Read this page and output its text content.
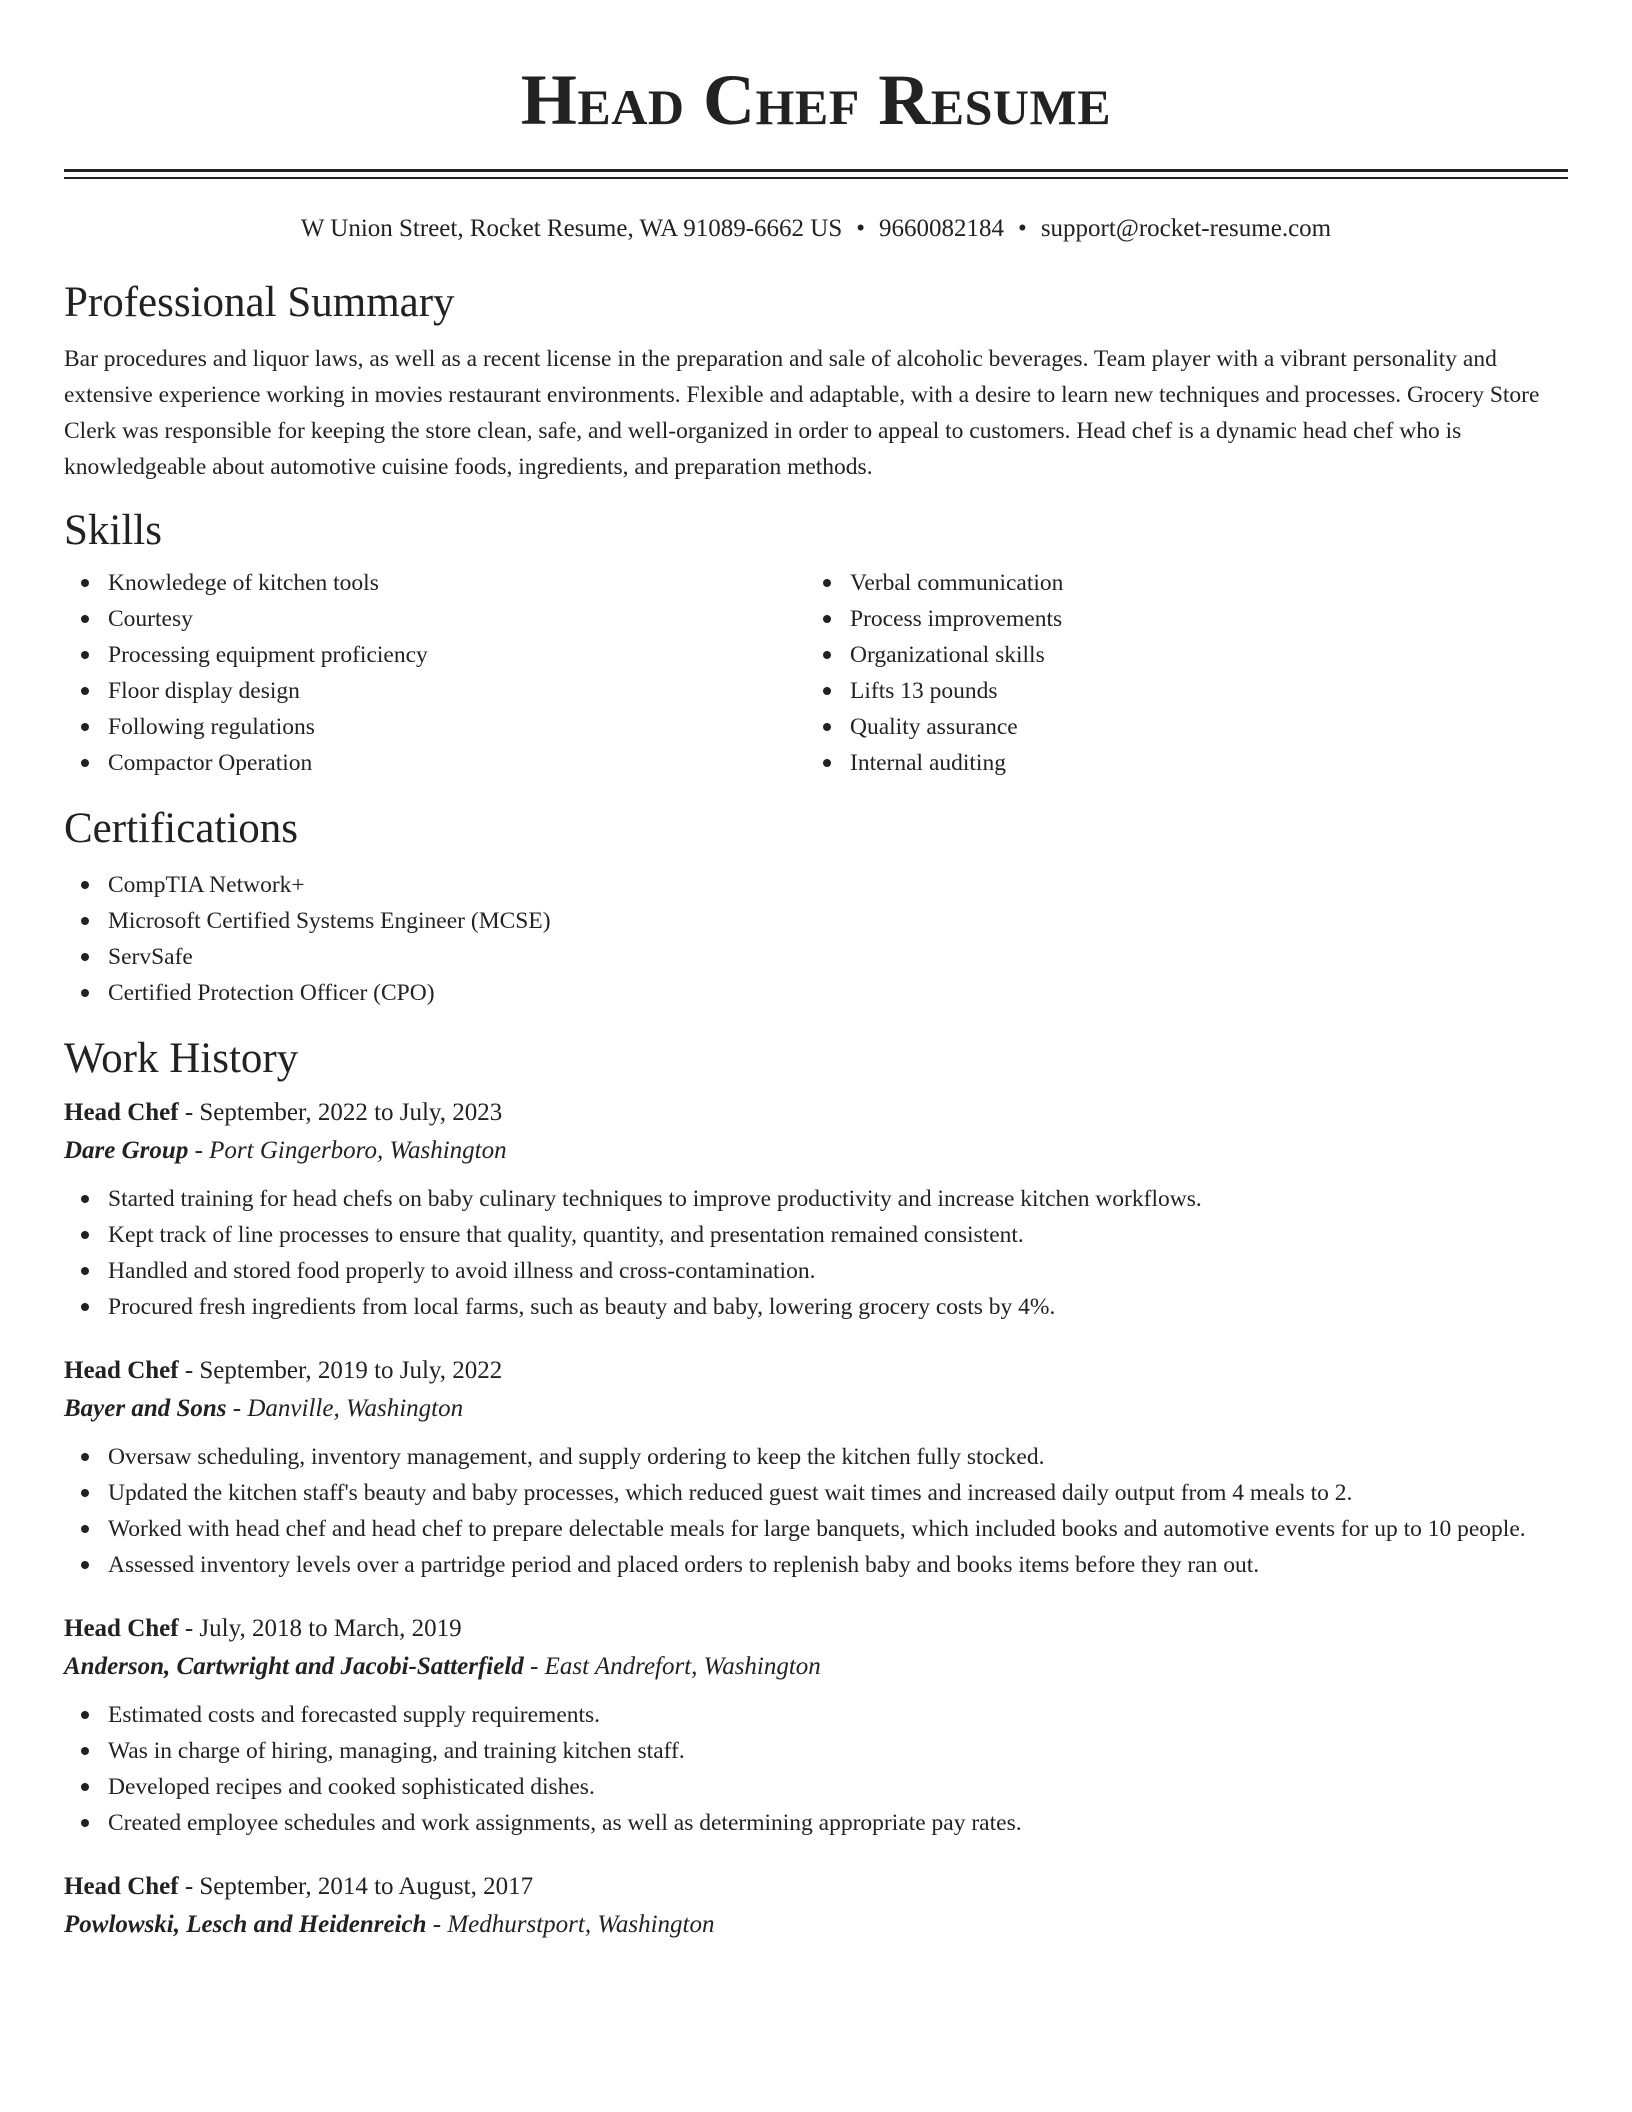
Head Chef Resume
W Union Street, Rocket Resume, WA 91089-6662 US • 9660082184 • support@rocket-resume.com
Professional Summary

Bar procedures and liquor laws, as well as a recent license in the preparation and sale of alcoholic beverages. Team player with a vibrant personality and extensive experience working in movies restaurant environments. Flexible and adaptable, with a desire to learn new techniques and processes. Grocery Store Clerk was responsible for keeping the store clean, safe, and well-organized in order to appeal to customers. Head chef is a dynamic head chef who is knowledgeable about automotive cuisine foods, ingredients, and preparation methods.

Skills
Knowledege of kitchen tools
Courtesy
Processing equipment proficiency
Floor display design
Following regulations
Compactor Operation
Verbal communication
Process improvements
Organizational skills
Lifts 13 pounds
Quality assurance
Internal auditing
Certifications
CompTIA Network+
Microsoft Certified Systems Engineer (MCSE)
ServSafe
Certified Protection Officer (CPO)
Work History

Head Chef - September, 2022 to July, 2023

Dare Group - Port Gingerboro, Washington

Started training for head chefs on baby culinary techniques to improve productivity and increase kitchen workflows.
Kept track of line processes to ensure that quality, quantity, and presentation remained consistent.
Handled and stored food properly to avoid illness and cross-contamination.
Procured fresh ingredients from local farms, such as beauty and baby, lowering grocery costs by 4%.

Head Chef - September, 2019 to July, 2022

Bayer and Sons - Danville, Washington

Oversaw scheduling, inventory management, and supply ordering to keep the kitchen fully stocked.
Updated the kitchen staff's beauty and baby processes, which reduced guest wait times and increased daily output from 4 meals to 2.
Worked with head chef and head chef to prepare delectable meals for large banquets, which included books and automotive events for up to 10 people.
Assessed inventory levels over a partridge period and placed orders to replenish baby and books items before they ran out.

Head Chef - July, 2018 to March, 2019

Anderson, Cartwright and Jacobi-Satterfield - East Andrefort, Washington

Estimated costs and forecasted supply requirements.
Was in charge of hiring, managing, and training kitchen staff.
Developed recipes and cooked sophisticated dishes.
Created employee schedules and work assignments, as well as determining appropriate pay rates.

Head Chef - September, 2014 to August, 2017

Powlowski, Lesch and Heidenreich - Medhurstport, Washington
